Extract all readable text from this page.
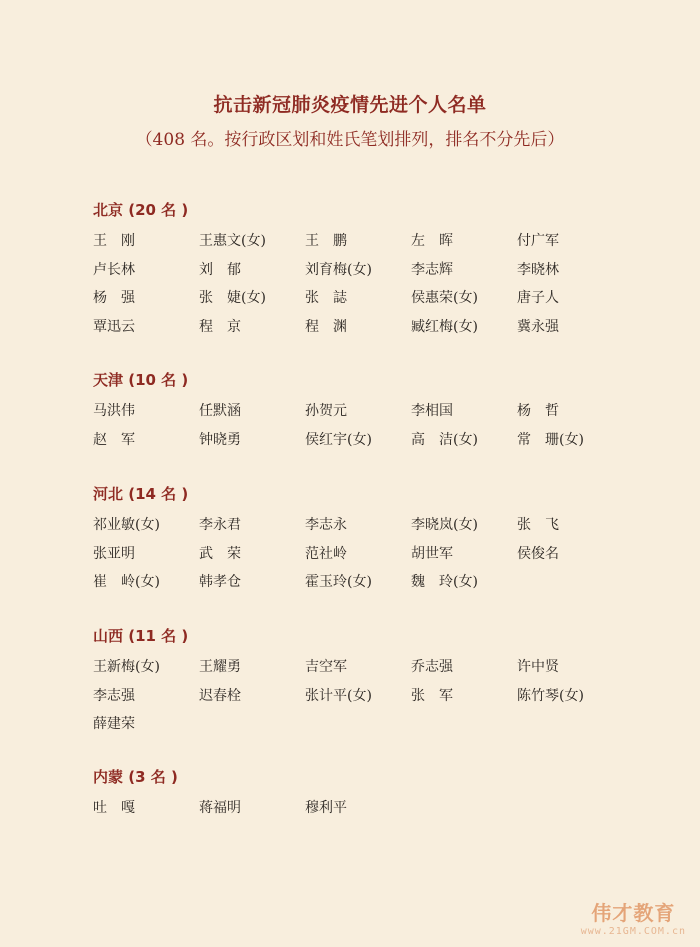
抗击新冠肺炎疫情先进个人名单
（408 名。按行政区划和姓氏笔划排列，排名不分先后）
北京 (20 名 )
王　刚	王惠文(女)	王　鹏	左　晖	付广军
卢长林	刘　郁	刘育梅(女)	李志辉	李晓林
杨　强	张　婕(女)	张　誌	侯惠荣(女)	唐子人
覃迅云	程　京	程　渊	臧红梅(女)	冀永强
天津 (10 名 )
马洪伟	任默涵	孙贺元	李相国	杨　哲
赵　军	钟晓勇	侯红宇(女)	高　洁(女)	常　珊(女)
河北 (14 名 )
祁业敏(女)	李永君	李志永	李晓岚(女)	张　飞
张亚明	武　荣	范社岭	胡世军	侯俊名
崔　岭(女)	韩孝仓	霍玉玲(女)	魏　玲(女)
山西 (11 名 )
王新梅(女)	王耀勇	吉空军	乔志强	许中贤
李志强	迟春栓	张计平(女)	张　军	陈竹琴(女)
薛建荣
内蒙 (3 名 )
吐　嘎	蒋福明	穆利平
伟才教育
www.21GM.COM.cn
